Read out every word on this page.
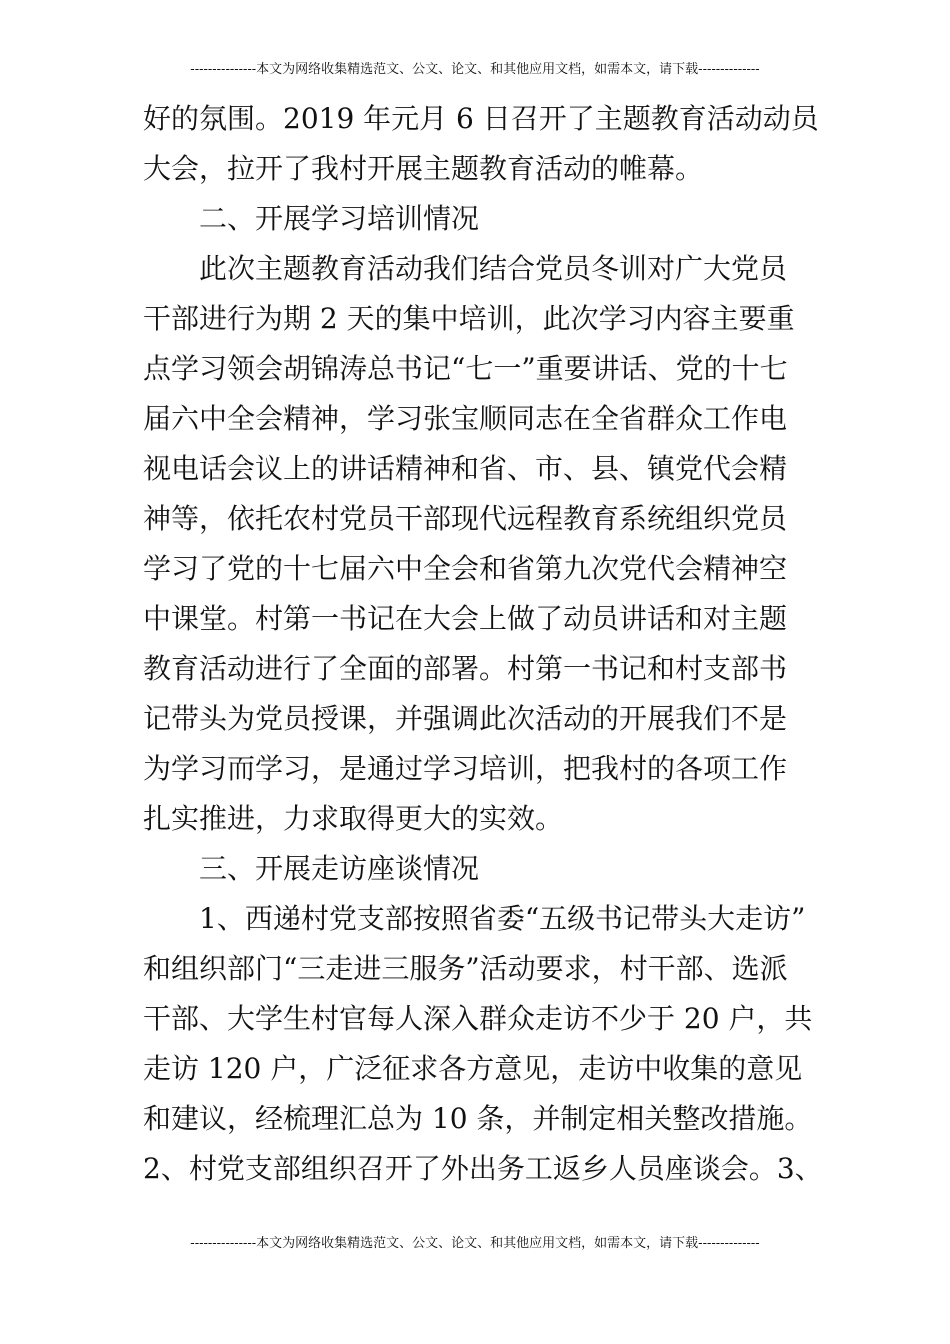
---------------本文为网络收集精选范文、公文、论文、和其他应用文档，如需本文，请下载--------------
好的氛围。2019 年元月 6 日召开了主题教育活动动员
大会，拉开了我村开展主题教育活动的帷幕。
二、开展学习培训情况
此次主题教育活动我们结合党员冬训对广大党员
干部进行为期 2 天的集中培训，此次学习内容主要重
点学习领会胡锦涛总书记“七一”重要讲话、党的十七
届六中全会精神，学习张宝顺同志在全省群众工作电
视电话会议上的讲话精神和省、市、县、镇党代会精
神等，依托农村党员干部现代远程教育系统组织党员
学习了党的十七届六中全会和省第九次党代会精神空
中课堂。村第一书记在大会上做了动员讲话和对主题
教育活动进行了全面的部署。村第一书记和村支部书
记带头为党员授课，并强调此次活动的开展我们不是
为学习而学习，是通过学习培训，把我村的各项工作
扎实推进，力求取得更大的实效。
三、开展走访座谈情况
1、西递村党支部按照省委“五级书记带头大走访”
和组织部门“三走进三服务”活动要求，村干部、选派
干部、大学生村官每人深入群众走访不少于 20 户，共
走访 120 户，广泛征求各方意见，走访中收集的意见
和建议，经梳理汇总为 10 条，并制定相关整改措施。
2、村党支部组织召开了外出务工返乡人员座谈会。3、
---------------本文为网络收集精选范文、公文、论文、和其他应用文档，如需本文，请下载--------------
